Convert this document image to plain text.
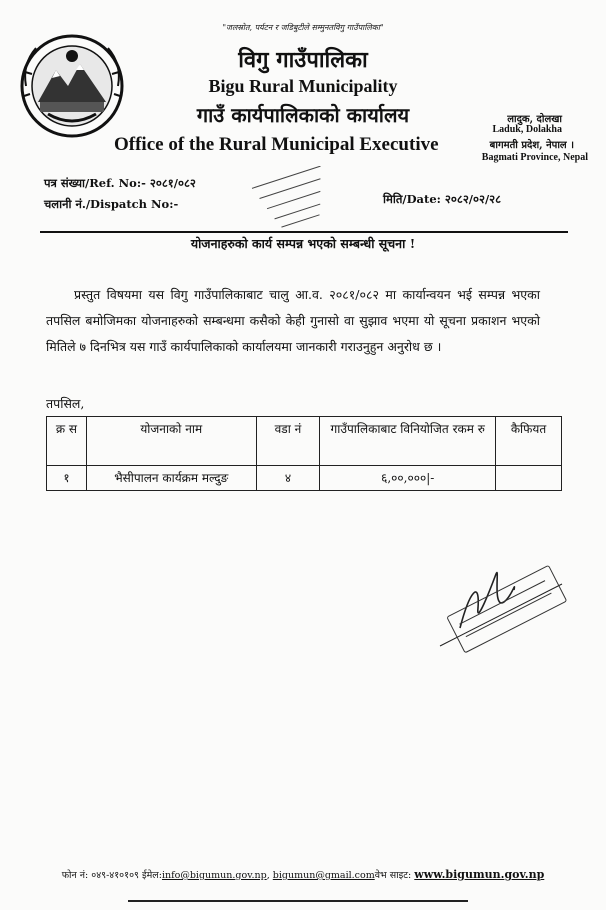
"जलस्रोत, पर्यटन र जडिबुटीले सम्मुनतविगु गाउँपालिका"
विगु गाउँपालिका
Bigu Rural Municipality
गाउँ कार्यपालिकाको कार्यालय
Office of the Rural Municipal Executive
लादुक, दोलखा
Laduk, Dolakha
बागमती प्रदेश, नेपाल ।
Bagmati Province, Nepal
पत्र संख्या/Ref. No:- २०८१/०८२
चलानी नं./Dispatch No:-	मिति/Date: २०८२/०२/२८
योजनाहरुको कार्य सम्पन्न भएको सम्बन्धी सूचना !
प्रस्तुत विषयमा यस विगु गाउँपालिकाबाट चालु आ.व. २०८१/०८२ मा कार्यान्वयन भई सम्पन्न भएका तपसिल बमोजिमका योजनाहरुको सम्बन्धमा कसैको केही गुनासो वा सुझाव भएमा यो सूचना प्रकाशन भएको मितिले ७ दिनभित्र यस गाउँ कार्यपालिकाको कार्यालयमा जानकारी गराउनुहुन अनुरोध छ ।
तपसिल,
क्र स	योजनाको नाम	वडा नं	गाउँपालिकाबाट विनियोजित रकम रु	कैफियत
१	भैसीपालन कार्यक्रम मल्दुङ	४	६,००,०००|-	
फोन नं: ०४९-४१०१०९ ईमेल:info@bigumun.gov.np, bigumun@gmail.comवेभ साइट: www.bigumun.gov.np
